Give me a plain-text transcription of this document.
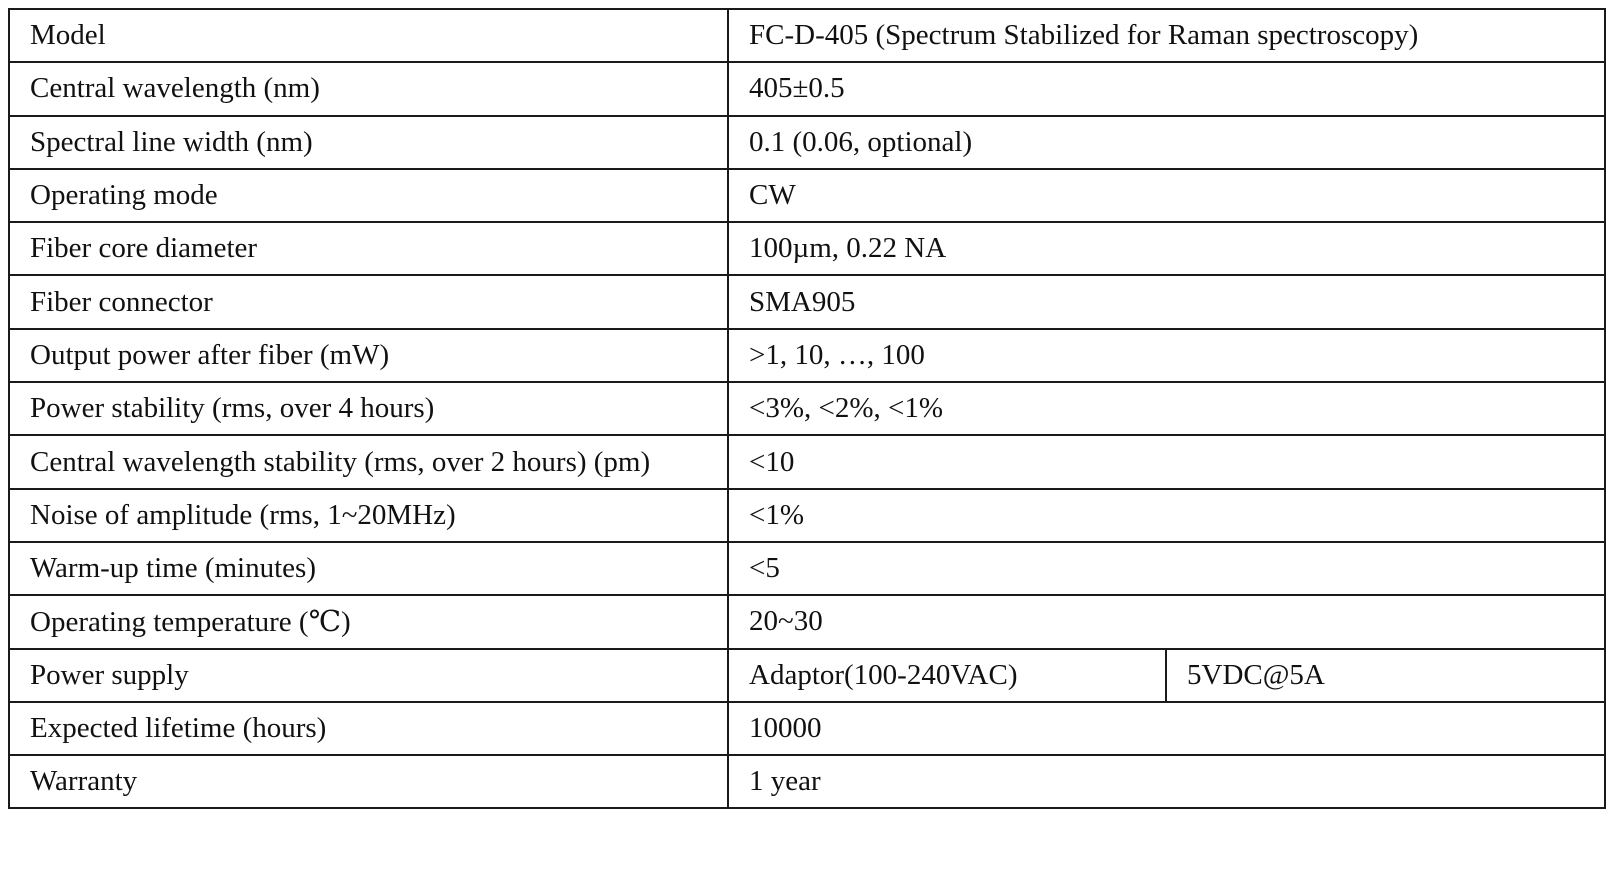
Model	FC-D-405 (Spectrum Stabilized for Raman spectroscopy)	
Central wavelength (nm)	405±0.5	
Spectral line width (nm)	0.1 (0.06, optional)	
Operating mode	CW	
Fiber core diameter	100µm, 0.22 NA	
Fiber connector	SMA905	
Output power after fiber (mW)	>1, 10, …, 100	
Power stability (rms, over 4 hours)	<3%, <2%, <1%	
Central wavelength stability (rms, over 2 hours) (pm)	<10	
Noise of amplitude (rms, 1~20MHz)	<1%	
Warm-up time (minutes)	<5	
Operating temperature (℃)	20~30	
Power supply	Adaptor(100-240VAC)	5VDC@5A
Expected lifetime (hours)	10000	
Warranty	1 year	
